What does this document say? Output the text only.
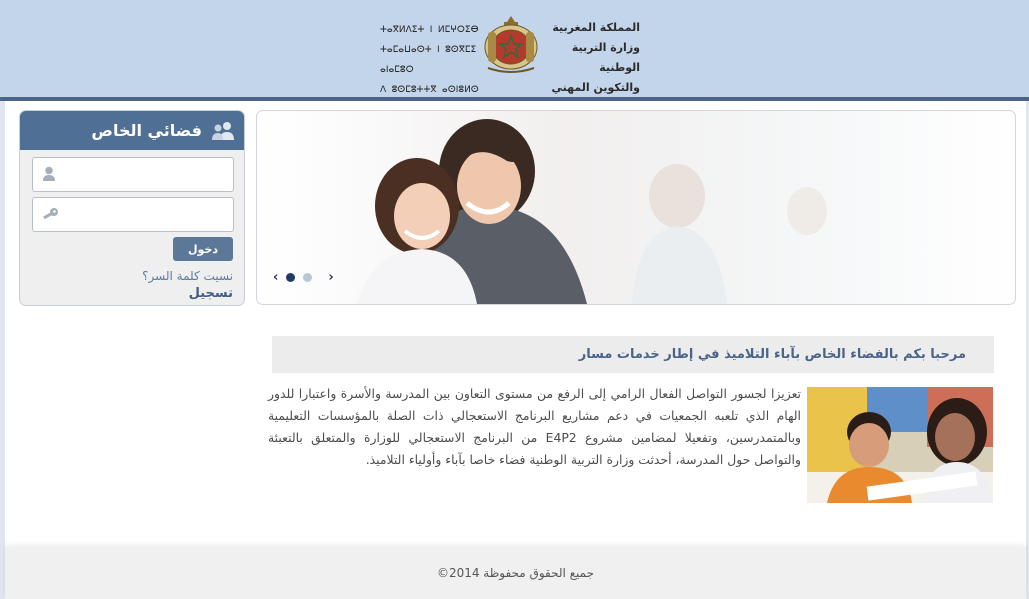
ⵜⴰⴳⵍⴷⵉⵜ ⵏ ⵍⵎⵖⵔⵉⴱ
ⵜⴰⵎⴰⵡⴰⵙⵜ ⵏ ⵓⵙⴳⵎⵉ ⴰⵏⴰⵎⵓⵔ
ⴷ ⵓⵙⵎⵓⵜⵜⴳ ⴰⵙⵏⵓⵍⵙ
المملكة المغربية
وزارة التربية الوطنية
والتكوين المهني
فضائي الخاص
دخول
نسيت كلمة السر؟
تسجيل
‹	›
مرحبا بكم بالفضاء الخاص بآباء التلاميذ في إطار خدمات مسار
تعزيزا لجسور التواصل الفعال الرامي إلى الرفع من مستوى التعاون بين المدرسة والأسرة واعتبارا للدور الهام الذي تلعبه الجمعيات في دعم مشاريع البرنامج الاستعجالي ذات الصلة بالمؤسسات التعليمية وبالمتمدرسين، وتفعيلا لمضامين مشروع E4P2 من البرنامج الاستعجالي للوزارة والمتعلق بالتعبئة والتواصل حول المدرسة، أحدثت وزارة التربية الوطنية فضاء خاصا بآباء وأولياء التلاميذ.
جميع الحقوق محفوظة 2014©
